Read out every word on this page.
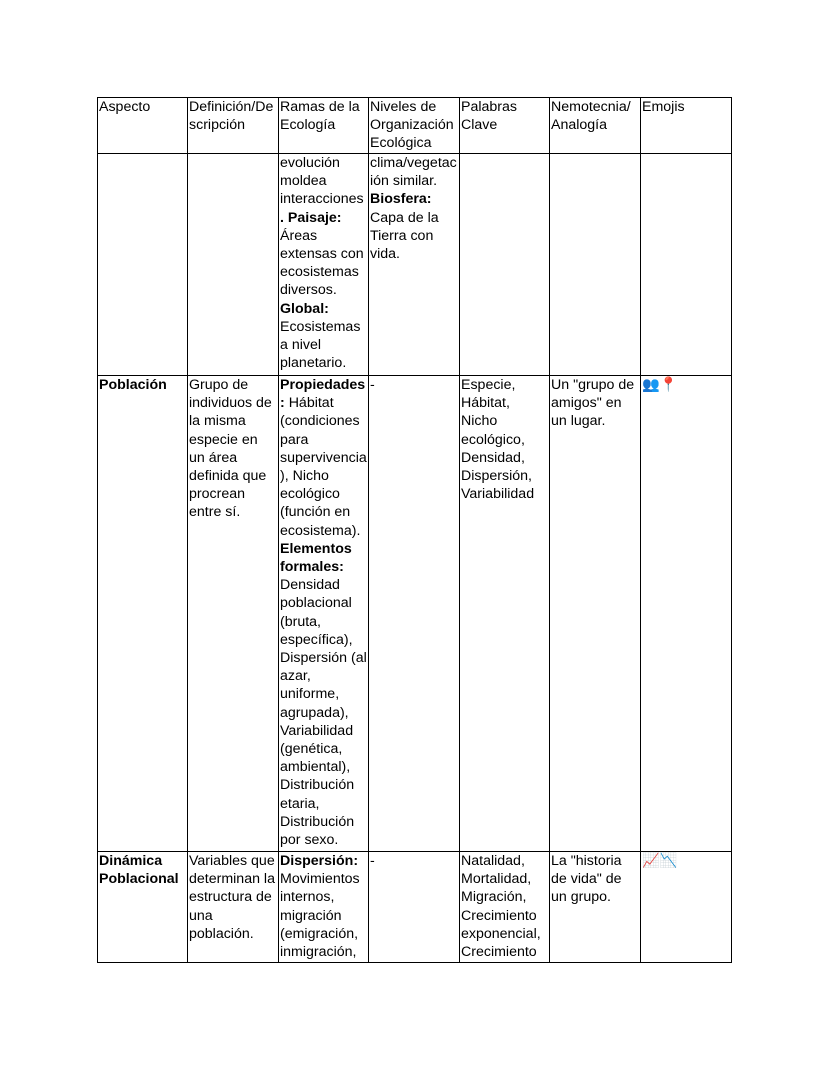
Aspecto	Definición/Descripción	Ramas de la Ecología	Niveles de Organización Ecológica	Palabras Clave	Nemotecnia/ Analogía	Emojis
		evolución moldea interacciones. Paisaje: Áreas extensas con ecosistemas diversos. Global: Ecosistemas a nivel planetario.	clima/vegetación similar. Biosfera: Capa de la Tierra con vida.			
Población	Grupo de individuos de la misma especie en un área definida que procrean entre sí.	Propiedades: Hábitat (condiciones para supervivencia), Nicho ecológico (función en ecosistema). Elementos formales: Densidad poblacional (bruta, específica), Dispersión (al azar, uniforme, agrupada), Variabilidad (genética, ambiental), Distribución etaria, Distribución por sexo.	-	Especie, Hábitat, Nicho ecológico, Densidad, Dispersión, Variabilidad	Un "grupo de amigos" en un lugar.	👥📍
Dinámica Poblacional	Variables que determinan la estructura de una población.	Dispersión: Movimientos internos, migración (emigración, inmigración,	-	Natalidad, Mortalidad, Migración, Crecimiento exponencial, Crecimiento	La "historia de vida" de un grupo.	📈📉
